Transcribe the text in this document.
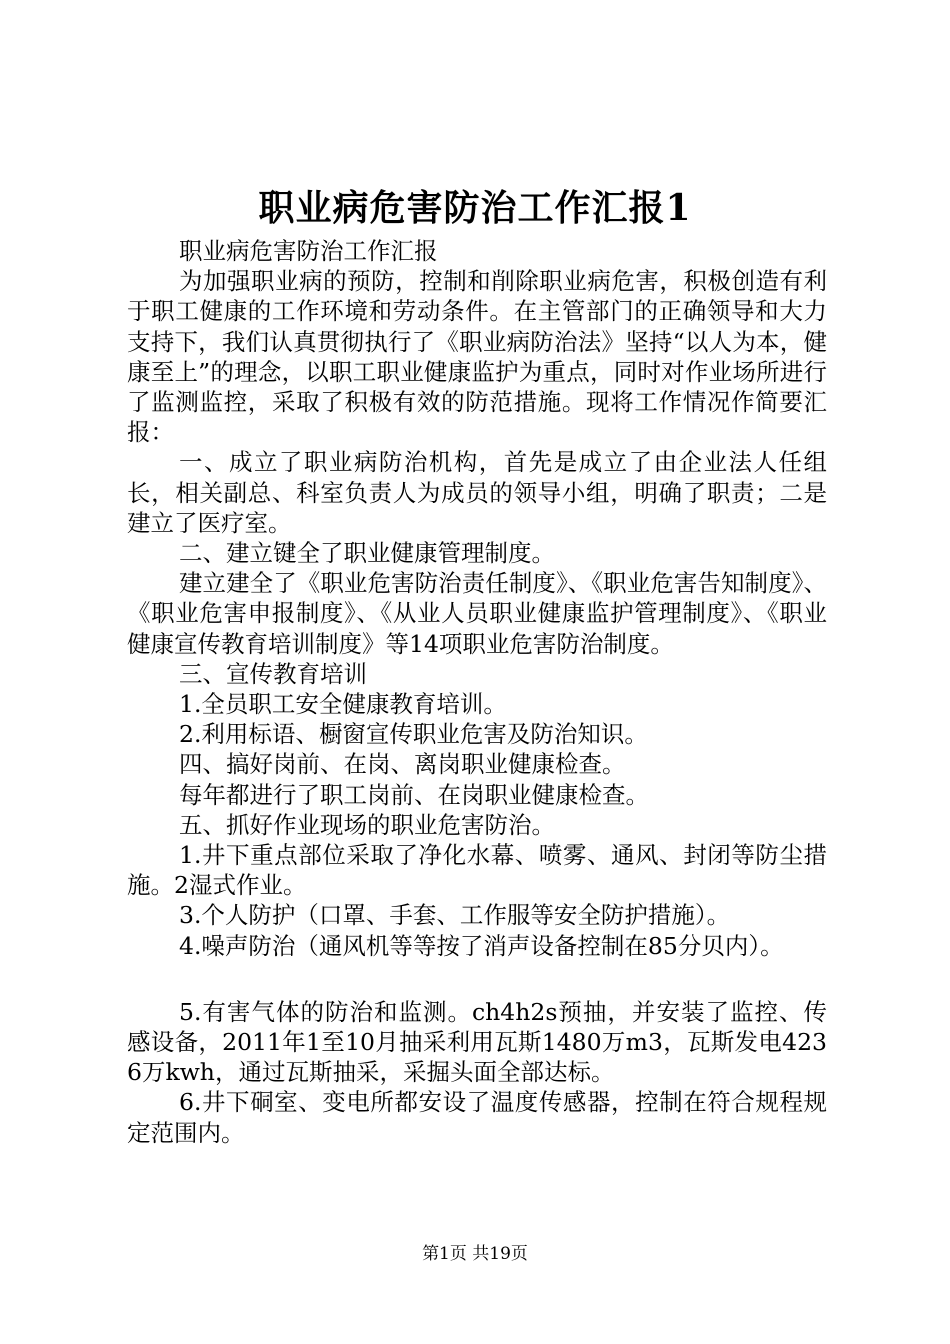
职业病危害防治工作汇报1

职业病危害防治工作汇报

为加强职业病的预防，控制和削除职业病危害，积极创造有利于职工健康的工作环境和劳动条件。在主管部门的正确领导和大力支持下，我们认真贯彻执行了《职业病防治法》坚持“以人为本，健康至上”的理念，以职工职业健康监护为重点，同时对作业场所进行了监测监控，采取了积极有效的防范措施。现将工作情况作简要汇报：

一、成立了职业病防治机构，首先是成立了由企业法人任组长，相关副总、科室负责人为成员的领导小组，明确了职责；二是建立了医疗室。

二、建立键全了职业健康管理制度。

建立建全了《职业危害防治责任制度》、《职业危害告知制度》、《职业危害申报制度》、《从业人员职业健康监护管理制度》、《职业健康宣传教育培训制度》等14项职业危害防治制度。

三、宣传教育培训

1.全员职工安全健康教育培训。

2.利用标语、橱窗宣传职业危害及防治知识。

四、搞好岗前、在岗、离岗职业健康检查。

每年都进行了职工岗前、在岗职业健康检查。

五、抓好作业现场的职业危害防治。

1.井下重点部位采取了净化水幕、喷雾、通风、封闭等防尘措施。2湿式作业。

3.个人防护（口罩、手套、工作服等安全防护措施）。

4.噪声防治（通风机等等按了消声设备控制在85分贝内）。

5.有害气体的防治和监测。ch4h2s预抽，并安装了监控、传感设备，2011年1至10月抽采利用瓦斯1480万m3，瓦斯发电4236万kwh，通过瓦斯抽采，采掘头面全部达标。

6.井下硐室、变电所都安设了温度传感器，控制在符合规程规定范围内。

第1页 共19页
